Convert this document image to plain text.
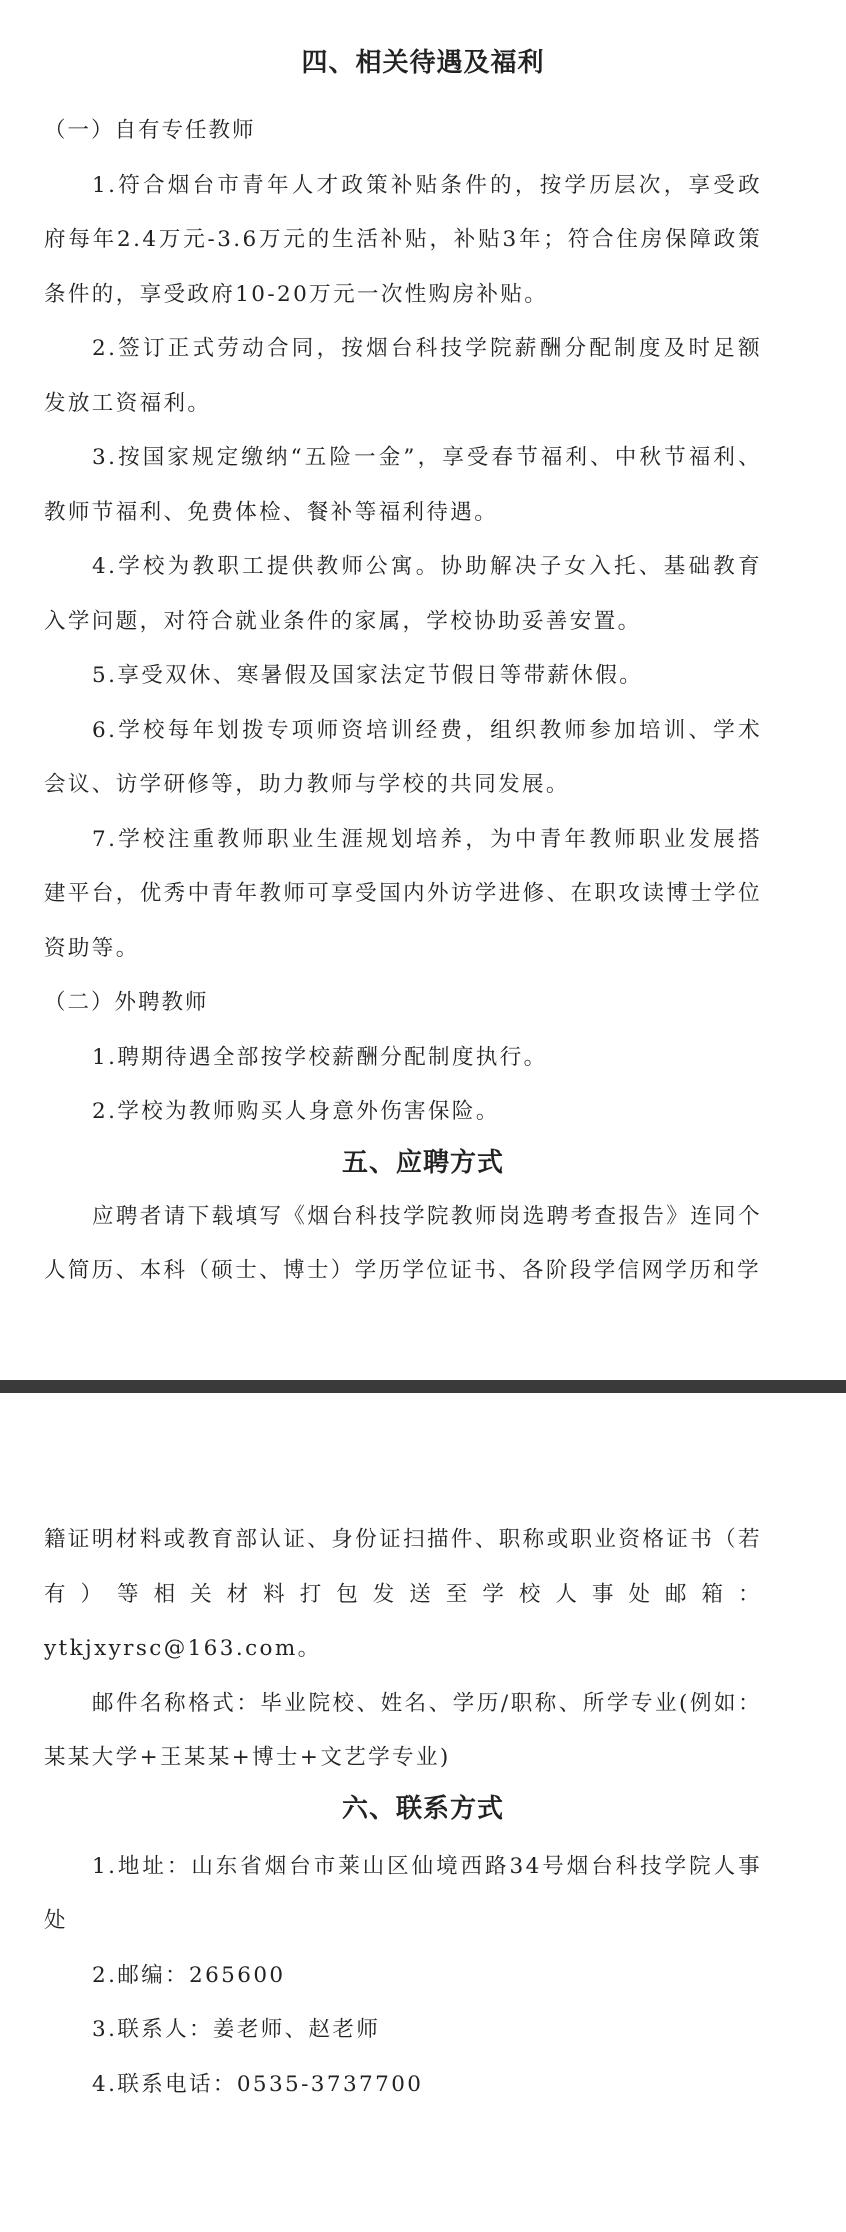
四、相关待遇及福利

（一）自有专任教师

1.符合烟台市青年人才政策补贴条件的，按学历层次，享受政府每年2.4万元-3.6万元的生活补贴，补贴3年；符合住房保障政策条件的，享受政府10-20万元一次性购房补贴。

2.签订正式劳动合同，按烟台科技学院薪酬分配制度及时足额发放工资福利。

3.按国家规定缴纳“五险一金”，享受春节福利、中秋节福利、教师节福利、免费体检、餐补等福利待遇。

4.学校为教职工提供教师公寓。协助解决子女入托、基础教育入学问题，对符合就业条件的家属，学校协助妥善安置。

5.享受双休、寒暑假及国家法定节假日等带薪休假。

6.学校每年划拨专项师资培训经费，组织教师参加培训、学术会议、访学研修等，助力教师与学校的共同发展。

7.学校注重教师职业生涯规划培养，为中青年教师职业发展搭建平台，优秀中青年教师可享受国内外访学进修、在职攻读博士学位资助等。

（二）外聘教师

1.聘期待遇全部按学校薪酬分配制度执行。

2.学校为教师购买人身意外伤害保险。

五、应聘方式

应聘者请下载填写《烟台科技学院教师岗选聘考查报告》连同个人简历、本科（硕士、博士）学历学位证书、各阶段学信网学历和学

籍证明材料或教育部认证、身份证扫描件、职称或职业资格证书（若有）等相关材料打包发送至学校人事处邮箱：ytkjxyrsc@163.com。

邮件名称格式：毕业院校、姓名、学历/职称、所学专业(例如：某某大学+王某某+博士+文艺学专业)

六、联系方式

1.地址：山东省烟台市莱山区仙境西路34号烟台科技学院人事处

2.邮编：265600

3.联系人：姜老师、赵老师

4.联系电话：0535-3737700
